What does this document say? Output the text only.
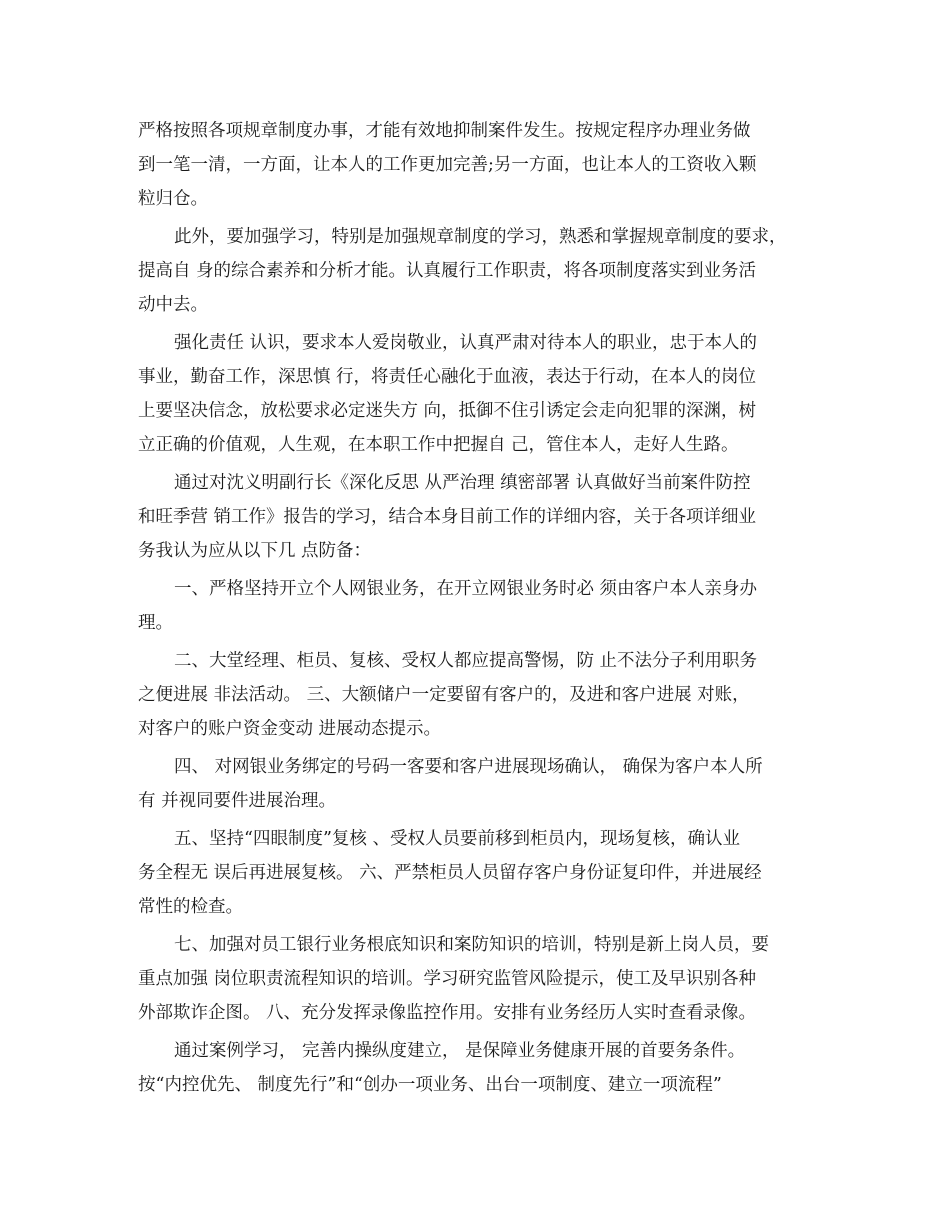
严格按照各项规章制度办事，才能有效地抑制案件发生。按规定程序办理业务做
到一笔一清，一方面，让本人的工作更加完善;另一方面，也让本人的工资收入颗
粒归仓。
此外，要加强学习，特别是加强规章制度的学习，熟悉和掌握规章制度的要求，
提高自 身的综合素养和分析才能。认真履行工作职责，将各项制度落实到业务活
动中去。
强化责任 认识，要求本人爱岗敬业，认真严肃对待本人的职业，忠于本人的
事业，勤奋工作，深思慎 行，将责任心融化于血液，表达于行动，在本人的岗位
上要坚决信念，放松要求必定迷失方 向，抵御不住引诱定会走向犯罪的深渊，树
立正确的价值观，人生观，在本职工作中把握自 己，管住本人，走好人生路。
通过对沈义明副行长《深化反思 从严治理 缜密部署 认真做好当前案件防控
和旺季营 销工作》报告的学习，结合本身目前工作的详细内容，关于各项详细业
务我认为应从以下几 点防备：
一、严格坚持开立个人网银业务，在开立网银业务时必 须由客户本人亲身办
理。
二、大堂经理、柜员、复核、受权人都应提高警惕，防 止不法分子利用职务
之便进展 非法活动。 三、大额储户一定要留有客户的，及进和客户进展 对账，
对客户的账户资金变动 进展动态提示。
四、 对网银业务绑定的号码一客要和客户进展现场确认， 确保为客户本人所
有 并视同要件进展治理。
五、坚持“四眼制度”复核 、受权人员要前移到柜员内，现场复核，确认业
务全程无 误后再进展复核。 六、严禁柜员人员留存客户身份证复印件，并进展经
常性的检查。
七、加强对员工银行业务根底知识和案防知识的培训，特别是新上岗人员，要
重点加强 岗位职责流程知识的培训。学习研究监管风险提示，使工及早识别各种
外部欺诈企图。 八、充分发挥录像监控作用。安排有业务经历人实时查看录像。
通过案例学习， 完善内操纵度建立， 是保障业务健康开展的首要务条件。
按“内控优先、 制度先行”和“创办一项业务、出台一项制度、建立一项流程”
